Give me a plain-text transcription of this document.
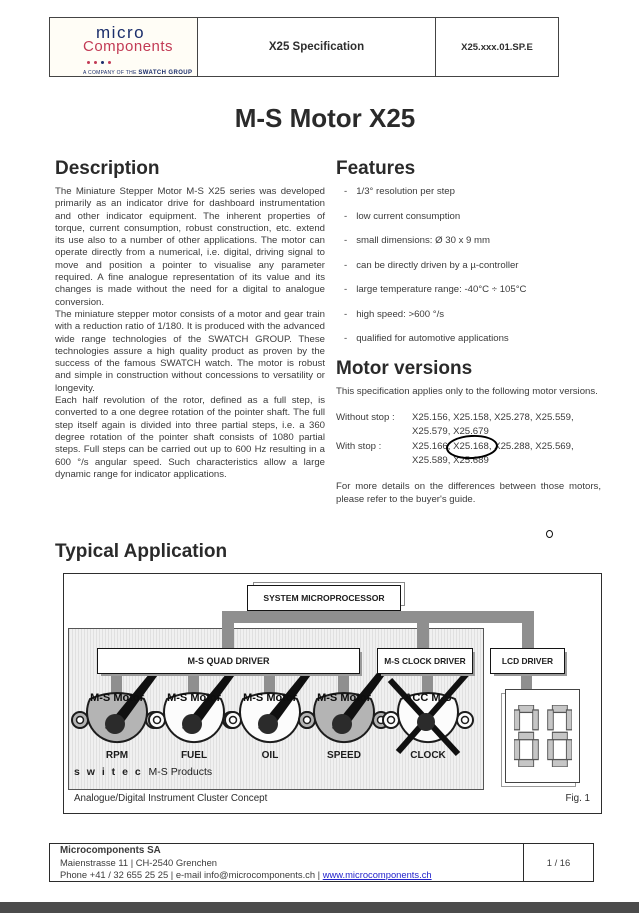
micro
Components
A COMPANY OF THE SWATCH GROUP
X25 Specification	X25.xxx.01.SP.E
M-S Motor X25
Description

The Miniature Stepper Motor M-S X25 series was developed primarily as an indicator drive for dashboard instrumentation and other indicator equipment. The inherent properties of torque, current consumption, robust construction, etc. extend its use also to a number of other applications. The motor can operate directly from a numerical, i.e. digital, driving signal to move and position a pointer to visualise any parameter required. A fine analogue representation of its value and its changes is made without the need for a digital to analogue conversion.

The miniature stepper motor consists of a motor and gear train with a reduction ratio of 1/180. It is produced with the advanced wide range technologies of the SWATCH GROUP. These technologies assure a high quality product as proven by the success of the famous SWATCH watch. The motor is robust and simple in construction without concessions to versatility or longevity.

Each half revolution of the rotor, defined as a full step, is converted to a one degree rotation of the pointer shaft. The full step itself again is divided into three partial steps, i.e. a 360 degree rotation of the pointer shaft consists of 1080 partial steps. Full steps can be carried out up to 600 Hz resulting in a 600 °/s angular speed. Such characteristics allow a large dynamic range for indicator applications.

Features
- 1/3° resolution per step
- low current consumption
- small dimensions: Ø 30 x 9 mm
- can be directly driven by a µ-controller
- large temperature range: -40°C ÷ 105°C
- high speed: >600 °/s
- qualified for automotive applications
Motor versions

This specification applies only to the following motor versions.

Without stop :	X25.156, X25.158, X25.278, X25.559,
X25.579, X25.679
With stop :	X25.166,
X25.168, X25.288, X25.569,
X25.589, X25.689

For more details on the differences between those motors, please refer to the buyer's guide.

Typical Application
SYSTEM MICROPROCESSOR
M-S QUAD DRIVER	M-S CLOCK DRIVER	LCD DRIVER
M-S Motor M-S Motor M-S Motor M-S Motor	ACC M-S
RPM	FUEL	OIL	SPEED	CLOCK
s w i t e c M-S Products
Analogue/Digital Instrument Cluster Concept	Fig. 1
Microcomponents SA
Maienstrasse 11 | CH-2540 Grenchen
Phone +41 / 32 655 25 25 | e-mail info@microcomponents.ch | www.microcomponents.ch
1 / 16
